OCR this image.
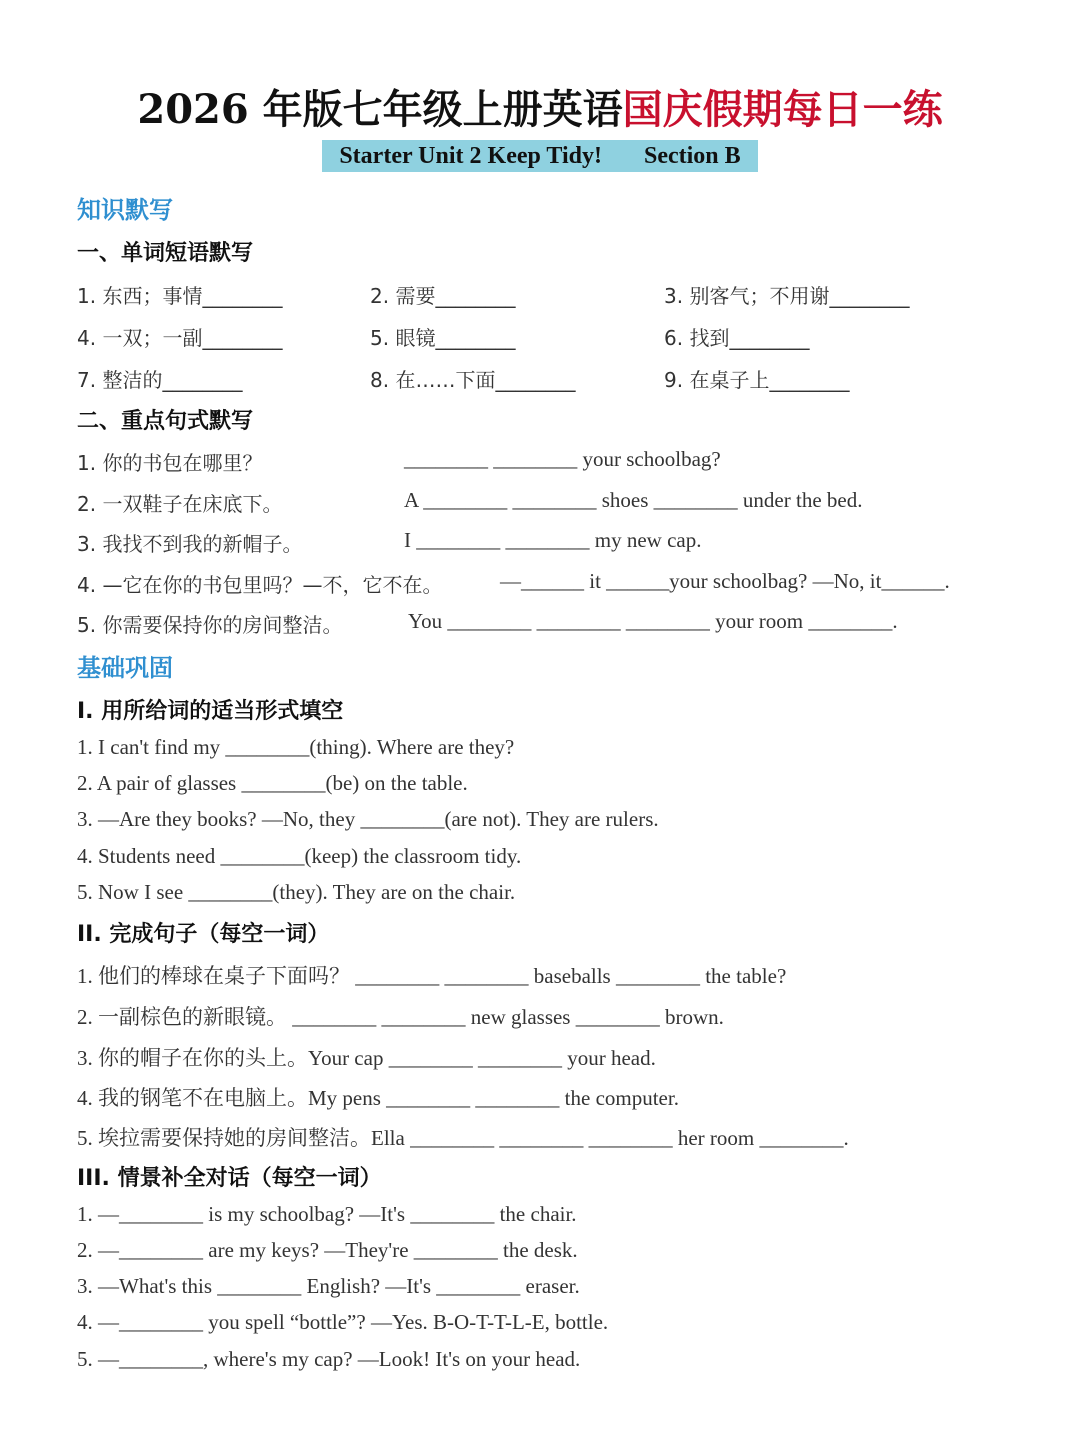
2026 年版七年级上册英语国庆假期每日一练
Starter Unit 2 Keep Tidy!       Section B
知识默写
一、单词短语默写
1. 东西；事情________	2. 需要________	3. 别客气；不用谢________
4. 一双；一副________	5. 眼镜________	6. 找到________
7. 整洁的________	8. 在……下面________	9. 在桌子上________
二、重点句式默写
1. 你的书包在哪里？	________ ________ your schoolbag?
2. 一双鞋子在床底下。	A ________ ________ shoes ________ under the bed.
3. 我找不到我的新帽子。	I ________ ________ my new cap.
4. —它在你的书包里吗？—不，它不在。	—______ it ______your schoolbag? —No, it______.
5. 你需要保持你的房间整洁。	You ________ ________ ________ your room ________.
基础巩固
I. 用所给词的适当形式填空
1. I can't find my ________(thing). Where are they?
2. A pair of glasses ________(be) on the table.
3. —Are they books? —No, they ________(are not). They are rulers.
4. Students need ________(keep) the classroom tidy.
5. Now I see ________(they). They are on the chair.
II. 完成句子（每空一词）
1. 他们的棒球在桌子下面吗？ ________ ________ baseballs ________ the table?
2. 一副棕色的新眼镜。 ________ ________ new glasses ________ brown.
3. 你的帽子在你的头上。Your cap ________ ________ your head.
4. 我的钢笔不在电脑上。My pens ________ ________ the computer.
5. 埃拉需要保持她的房间整洁。Ella ________ ________ ________ her room ________.
III. 情景补全对话（每空一词）
1. —________ is my schoolbag? —It's ________ the chair.
2. —________ are my keys? —They're ________ the desk.
3. —What's this ________ English? —It's ________ eraser.
4. —________ you spell “bottle”? —Yes. B-O-T-T-L-E, bottle.
5. —________, where's my cap? —Look! It's on your head.
